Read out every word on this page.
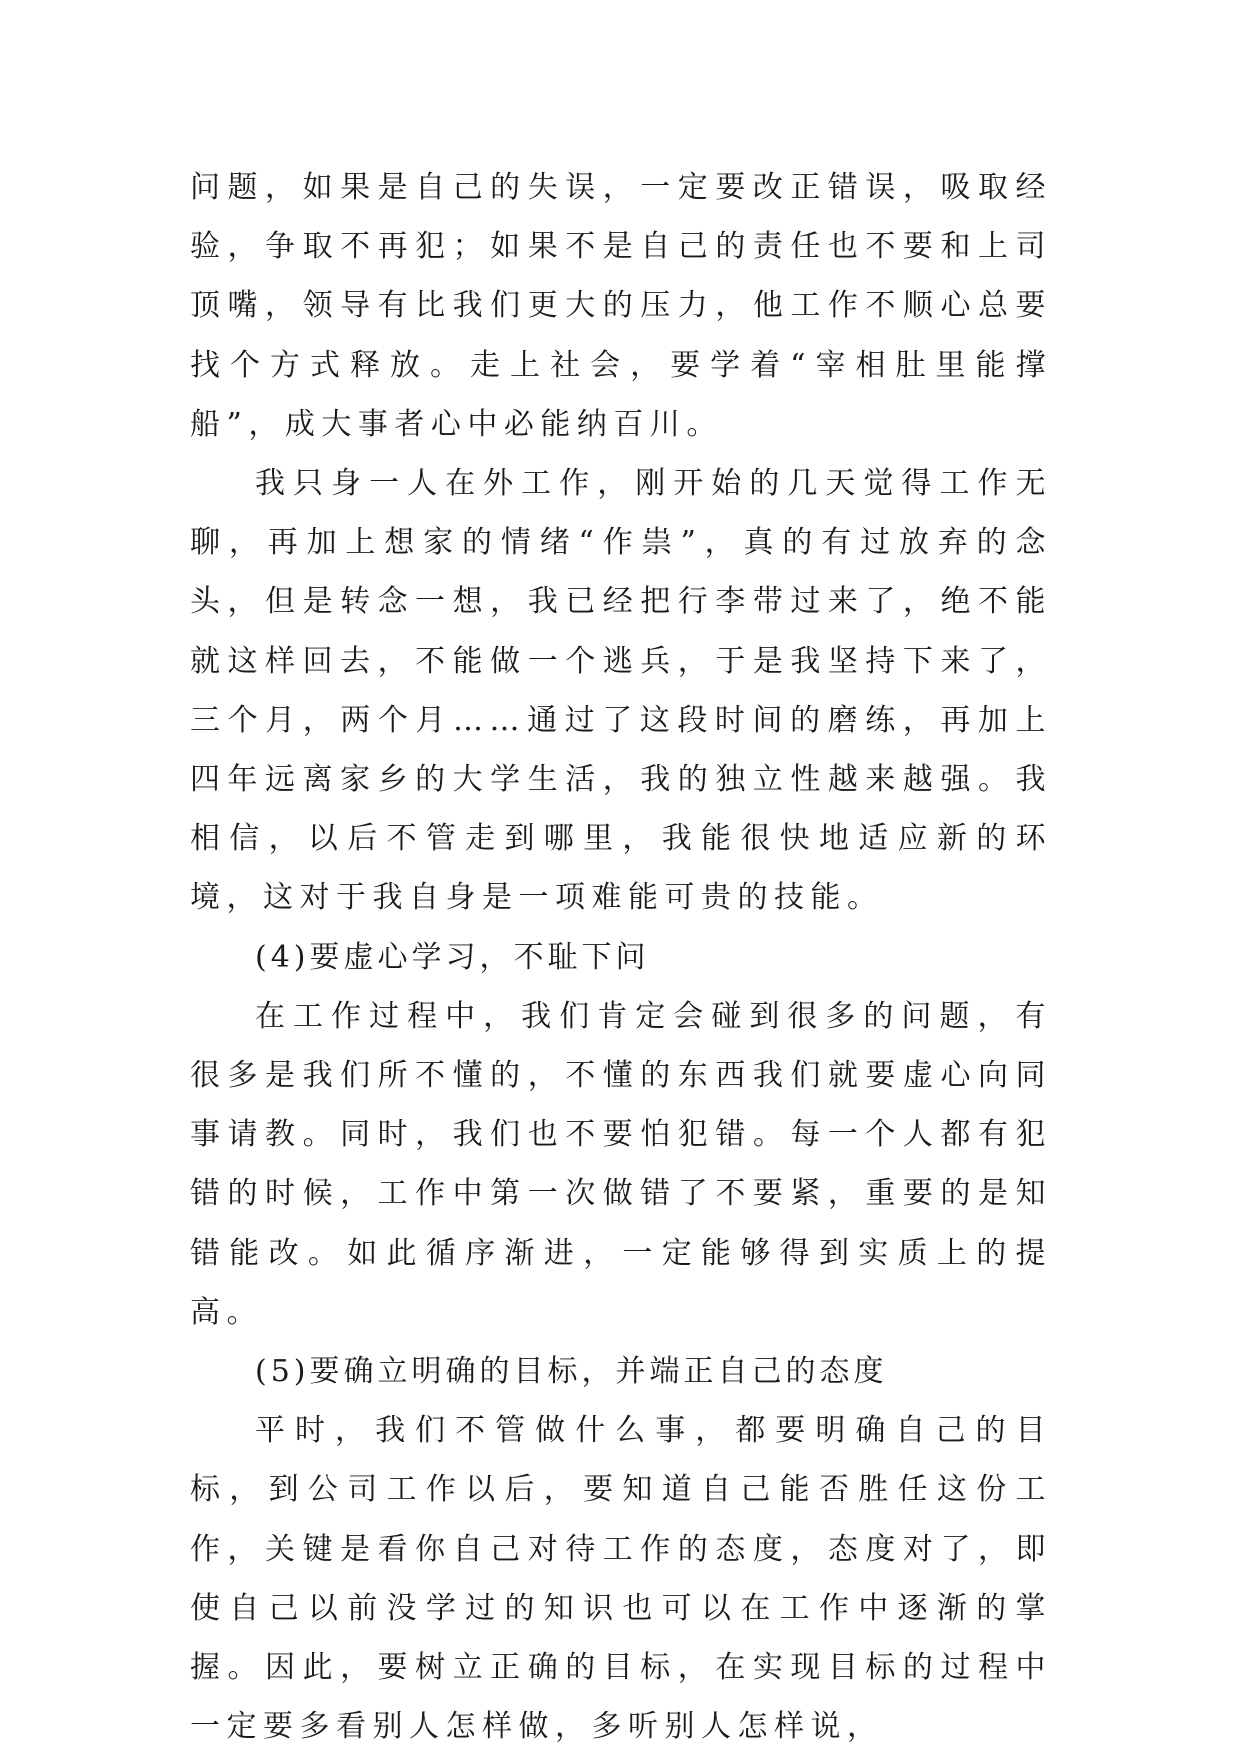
问题，如果是自己的失误，一定要改正错误，吸取经验，争取不再犯；如果不是自己的责任也不要和上司顶嘴，领导有比我们更大的压力，他工作不顺心总要找个方式释放。走上社会，要学着“宰相肚里能撑船”，成大事者心中必能纳百川。

我只身一人在外工作，刚开始的几天觉得工作无聊，再加上想家的情绪“作祟”，真的有过放弃的念头，但是转念一想，我已经把行李带过来了，绝不能就这样回去，不能做一个逃兵，于是我坚持下来了，三个月，两个月……通过了这段时间的磨练，再加上四年远离家乡的大学生活，我的独立性越来越强。我相信，以后不管走到哪里，我能很快地适应新的环境，这对于我自身是一项难能可贵的技能。

(4)要虚心学习，不耻下问

在工作过程中，我们肯定会碰到很多的问题，有很多是我们所不懂的，不懂的东西我们就要虚心向同事请教。同时，我们也不要怕犯错。每一个人都有犯错的时候，工作中第一次做错了不要紧，重要的是知错能改。如此循序渐进，一定能够得到实质上的提高。

(5)要确立明确的目标，并端正自己的态度

平时，我们不管做什么事，都要明确自己的目标，到公司工作以后，要知道自己能否胜任这份工作，关键是看你自己对待工作的态度，态度对了，即使自己以前没学过的知识也可以在工作中逐渐的掌握。因此，要树立正确的目标，在实现目标的过程中一定要多看别人怎样做，多听别人怎样说，
